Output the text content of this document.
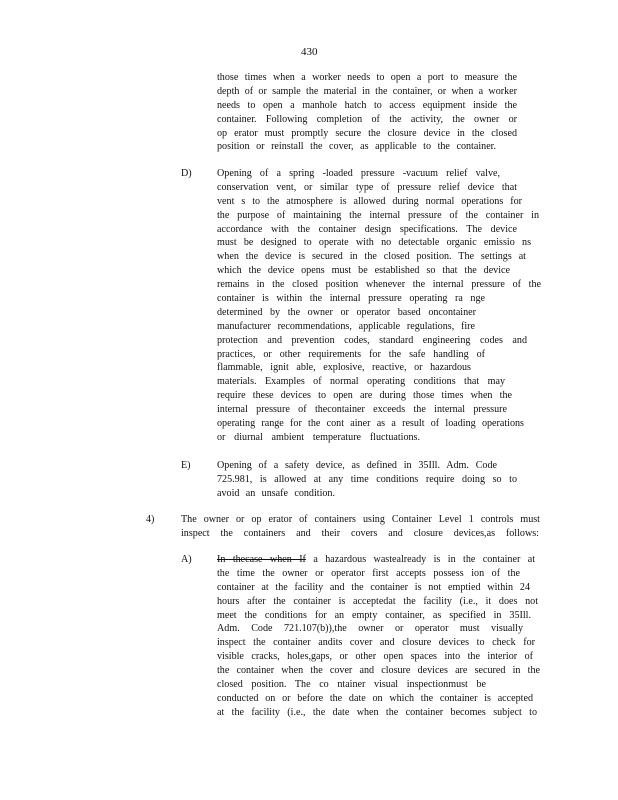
430
those times when a worker needs to open a port to measure the
depth of or sample the material in the container, or when a worker
needs to open a manhole hatch to access equipment inside the
container. Following completion of the activity, the owner or
op erator must promptly secure the closure device in the closed
position or reinstall the cover, as applicable to the container.
D)	Opening of a spring -loaded pressure -vacuum relief valve,
conservation vent, or similar type of pressure relief device that
vent s to the atmosphere is allowed during normal operations for
the purpose of maintaining the internal pressure of the container in
accordance with the container design specifications. The device
must be designed to operate with no detectable organic emissio ns
when the device is secured in the closed position. The settings at
which the device opens must be established so that the device
remains in the closed position whenever the internal pressure of the
container is within the internal pressure operating ra nge
determined by the owner or operator based oncontainer
manufacturer recommendations, applicable regulations, fire
protection and prevention codes, standard engineering codes and
practices, or other requirements for the safe handling of
flammable, ignit able, explosive, reactive, or hazardous
materials. Examples of normal operating conditions that may
require these devices to open are during those times when the
internal pressure of thecontainer exceeds the internal pressure
operating range for the cont ainer as a result of loading operations
or diurnal ambient temperature fluctuations.
E)	Opening of a safety device, as defined in 35Ill. Adm. Code
725.981, is allowed at any time conditions require doing so to
avoid an unsafe condition.
4)	The owner or op erator of containers using Container Level 1 controls must
inspect the containers and their covers and closure devices,as follows:
A)	In thecase when If a hazardous wastealready is in the container at
the time the owner or operator first accepts possess ion of the
container at the facility and the container is not emptied within 24
hours after the container is acceptedat the facility (i.e., it does not
meet the conditions for an empty container, as specified in 35Ill.
Adm. Code 721.107(b)),the owner or operator must visually
inspect the container andits cover and closure devices to check for
visible cracks, holes,gaps, or other open spaces into the interior of
the container when the cover and closure devices are secured in the
closed position. The co ntainer visual inspectionmust be
conducted on or before the date on which the container is accepted
at the facility (i.e., the date when the container becomes subject to
